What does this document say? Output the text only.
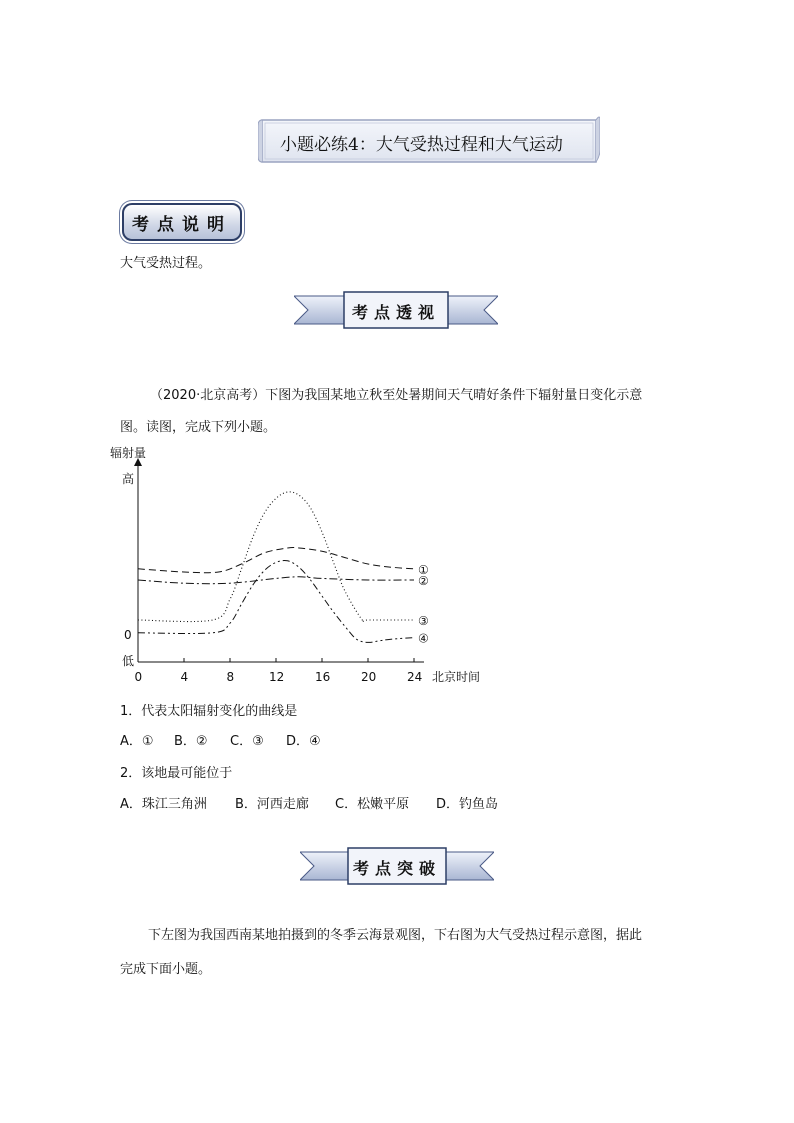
小题必练4：大气受热过程和大气运动
考点说明
大气受热过程。
考点透视
（2020·北京高考）下图为我国某地立秋至处暑期间天气晴好条件下辐射量日变化示意
图。读图，完成下列小题。
辐射量
高
0
低
0	4	8	12	16	20	24 北京时间
①
②
③
④
1．代表太阳辐射变化的曲线是
A．① B．② C．③ D．④
2．该地最可能位于
A．珠江三角洲 B．河西走廊 C．松嫩平原 D．钓鱼岛
考点突破
下左图为我国西南某地拍摄到的冬季云海景观图，下右图为大气受热过程示意图，据此
完成下面小题。
